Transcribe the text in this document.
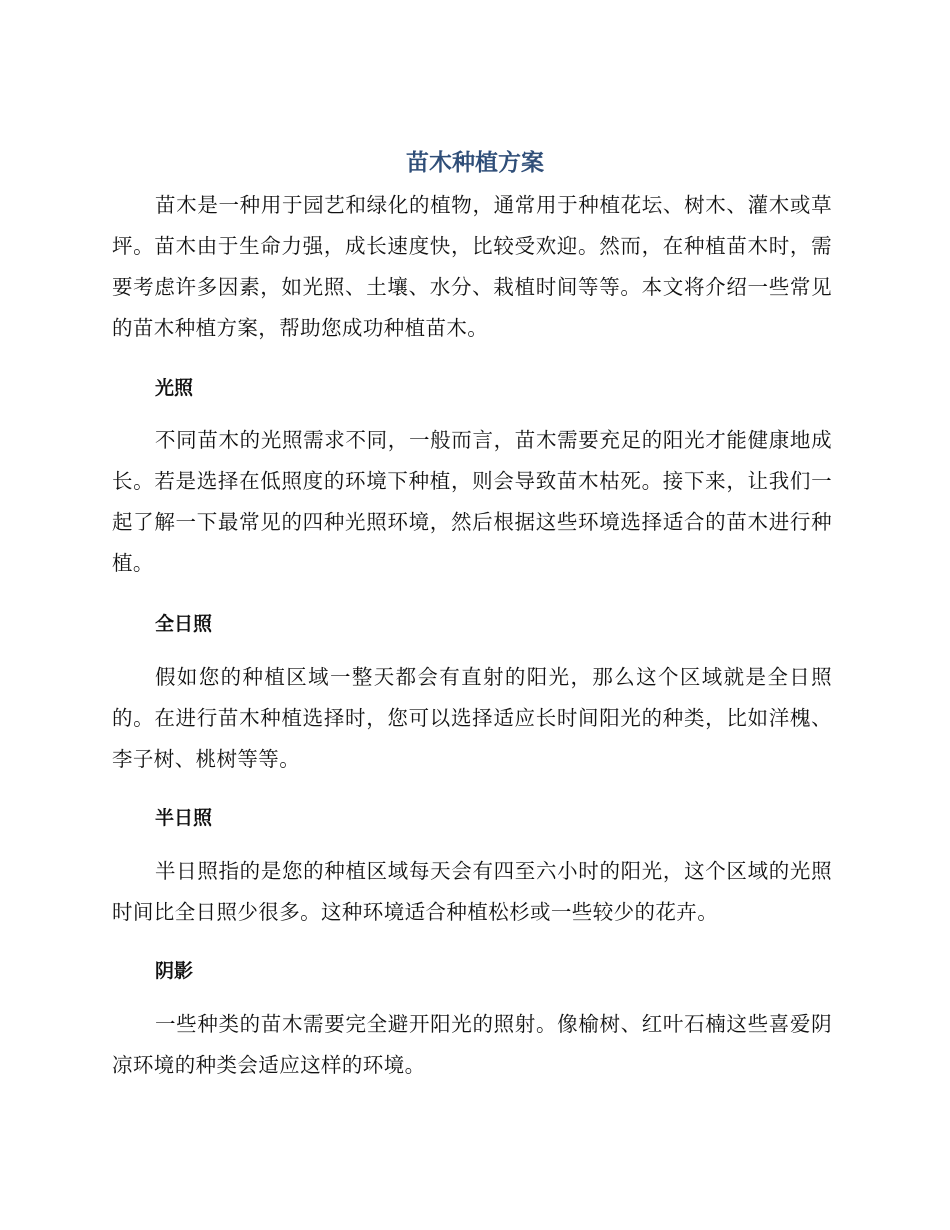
苗木种植方案

苗木是一种用于园艺和绿化的植物，通常用于种植花坛、树木、灌木或草坪。苗木由于生命力强，成长速度快，比较受欢迎。然而，在种植苗木时，需要考虑许多因素，如光照、土壤、水分、栽植时间等等。本文将介绍一些常见的苗木种植方案，帮助您成功种植苗木。

光照

不同苗木的光照需求不同，一般而言，苗木需要充足的阳光才能健康地成长。若是选择在低照度的环境下种植，则会导致苗木枯死。接下来，让我们一起了解一下最常见的四种光照环境，然后根据这些环境选择适合的苗木进行种植。

全日照

假如您的种植区域一整天都会有直射的阳光，那么这个区域就是全日照的。在进行苗木种植选择时，您可以选择适应长时间阳光的种类，比如洋槐、李子树、桃树等等。

半日照

半日照指的是您的种植区域每天会有四至六小时的阳光，这个区域的光照时间比全日照少很多。这种环境适合种植松杉或一些较少的花卉。

阴影

一些种类的苗木需要完全避开阳光的照射。像榆树、红叶石楠这些喜爱阴凉环境的种类会适应这样的环境。
